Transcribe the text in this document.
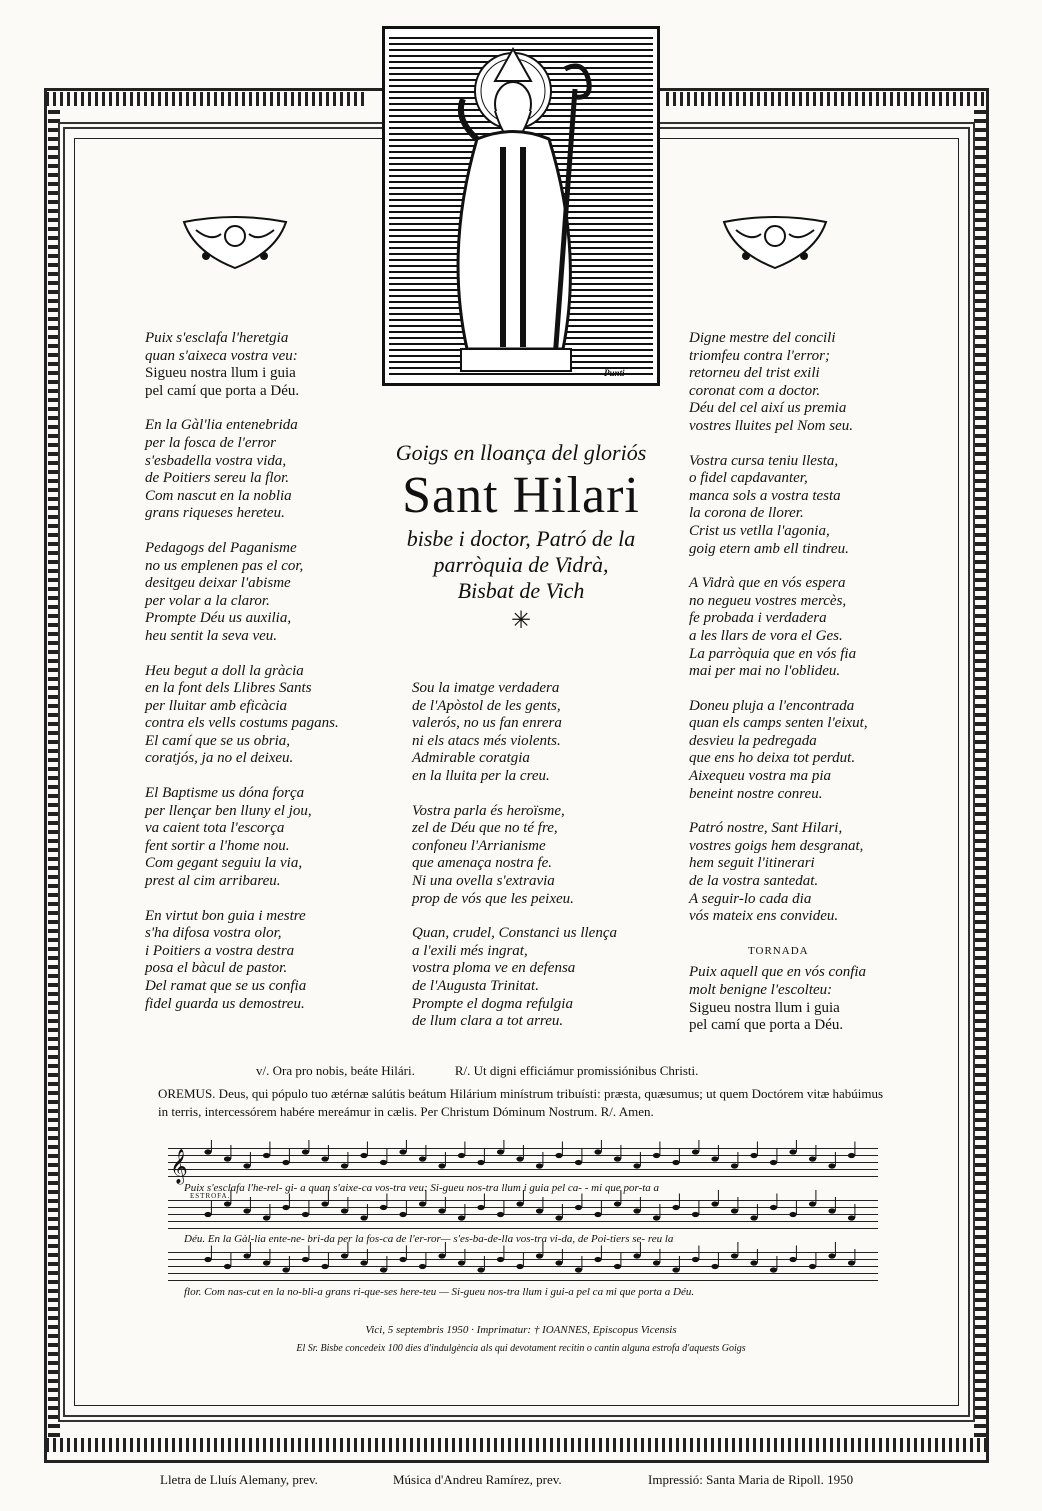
Punti
Goigs en lloança del gloriós
Sant Hilari
bisbe i doctor, Patró de la
parròquia de Vidrà,
Bisbat de Vich
✳
Puix s'esclafa l'heretgia
quan s'aixeca vostra veu:
Sigueu nostra llum i guia
pel camí que porta a Déu.
En la Gàl'lia entenebrida
per la fosca de l'error
s'esbadella vostra vida,
de Poitiers sereu la flor.
Com nascut en la noblia
grans riqueses hereteu.
Pedagogs del Paganisme
no us emplenen pas el cor,
desitgeu deixar l'abisme
per volar a la claror.
Prompte Déu us auxilia,
heu sentit la seva veu.
Heu begut a doll la gràcia
en la font dels Llibres Sants
per lluitar amb eficàcia
contra els vells costums pagans.
El camí que se us obria,
coratjós, ja no el deixeu.
El Baptisme us dóna força
per llençar ben lluny el jou,
va caient tota l'escorça
fent sortir a l'home nou.
Com gegant seguiu la via,
prest al cim arribareu.
En virtut bon guia i mestre
s'ha difosa vostra olor,
i Poitiers a vostra destra
posa el bàcul de pastor.
Del ramat que se us confia
fidel guarda us demostreu.
Sou la imatge verdadera
de l'Apòstol de les gents,
valerós, no us fan enrera
ni els atacs més violents.
Admirable coratgia
en la lluita per la creu.
Vostra parla és heroïsme,
zel de Déu que no té fre,
confoneu l'Arrianisme
que amenaça nostra fe.
Ni una ovella s'extravia
prop de vós que les peixeu.
Quan, crudel, Constanci us llença
a l'exili més ingrat,
vostra ploma ve en defensa
de l'Augusta Trinitat.
Prompte el dogma refulgia
de llum clara a tot arreu.
Digne mestre del concili
triomfeu contra l'error;
retorneu del trist exili
coronat com a doctor.
Déu del cel així us premia
vostres lluites pel Nom seu.
Vostra cursa teniu llesta,
o fidel capdavanter,
manca sols a vostra testa
la corona de llorer.
Crist us vetlla l'agonia,
goig etern amb ell tindreu.
A Vidrà que en vós espera
no negueu vostres mercès,
fe probada i verdadera
a les llars de vora el Ges.
La parròquia que en vós fia
mai per mai no l'oblideu.
Doneu pluja a l'encontrada
quan els camps senten l'eixut,
desvieu la pedregada
que ens ho deixa tot perdut.
Aixequeu vostra ma pia
beneint nostre conreu.
Patró nostre, Sant Hilari,
vostres goigs hem desgranat,
hem seguit l'itinerari
de la vostra santedat.
A seguir-lo cada dia
vós mateix ens convideu.
TORNADA
Puix aquell que en vós confia
molt benigne l'escolteu:
Sigueu nostra llum i guia
pel camí que porta a Déu.
v/. Ora pro nobis, beáte Hilári.	R/. Ut digni efficiámur promissiónibus Christi.
OREMUS. Deus, qui pópulo tuo ætérnæ salútis beátum Hilárium minístrum tribuísti: præsta, quæsumus; ut quem Doctórem vitæ habúimus in terris, intercessórem habére mereámur in cælis. Per Christum Dóminum Nostrum. R/. Amen.
Puix s'esclafa l'he-rel- gi- a quan s'aixe-ca vos-tra veu: Si-gueu nos-tra llum i guia pel ca- - mi que por-ta a
ESTROFA.
Déu. En la Gàl-lia ente-ne- bri-da per la fos-ca de l'er-ror— s'es-ba-de-lla vos-tra vi-da, de Poi-tiers se- reu la
flor. Com nas-cut en la no-bli-a grans ri-que-ses here-teu — Si-gueu nos-tra llum i gui-a pel ca mi que porta a Déu.
𝄞
Vici, 5 septembris 1950 · Imprimatur: † IOANNES, Episcopus Vicensis
El Sr. Bisbe concedeix 100 dies d'indulgència als qui devotament recitin o cantin alguna estrofa d'aquests Goigs
Lletra de Lluís Alemany, prev.	Música d'Andreu Ramírez, prev.	Impressió: Santa Maria de Ripoll. 1950
